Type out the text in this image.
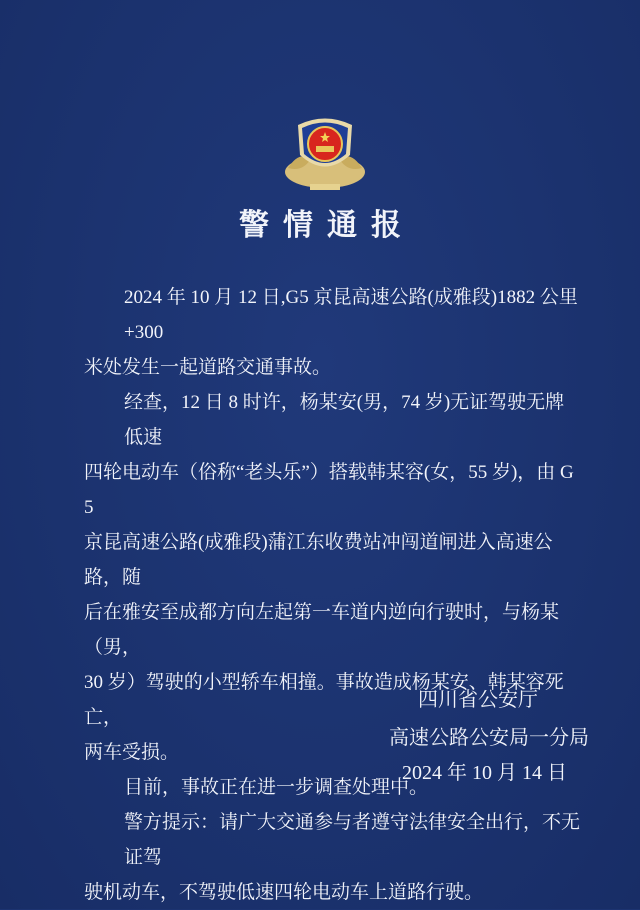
警情通报
2024 年 10 月 12 日,G5 京昆高速公路(成雅段)1882 公里+300
米处发生一起道路交通事故。
经查，12 日 8 时许，杨某安(男，74 岁)无证驾驶无牌低速
四轮电动车（俗称“老头乐”）搭载韩某容(女，55 岁)，由 G5
京昆高速公路(成雅段)蒲江东收费站冲闯道闸进入高速公路，随
后在雅安至成都方向左起第一车道内逆向行驶时，与杨某（男，
30 岁）驾驶的小型轿车相撞。事故造成杨某安、韩某容死亡，
两车受损。
目前，事故正在进一步调查处理中。
警方提示：请广大交通参与者遵守法律安全出行，不无证驾
驶机动车，不驾驶低速四轮电动车上道路行驶。
四川省公安厅
高速公路公安局一分局
2024 年 10 月 14 日
